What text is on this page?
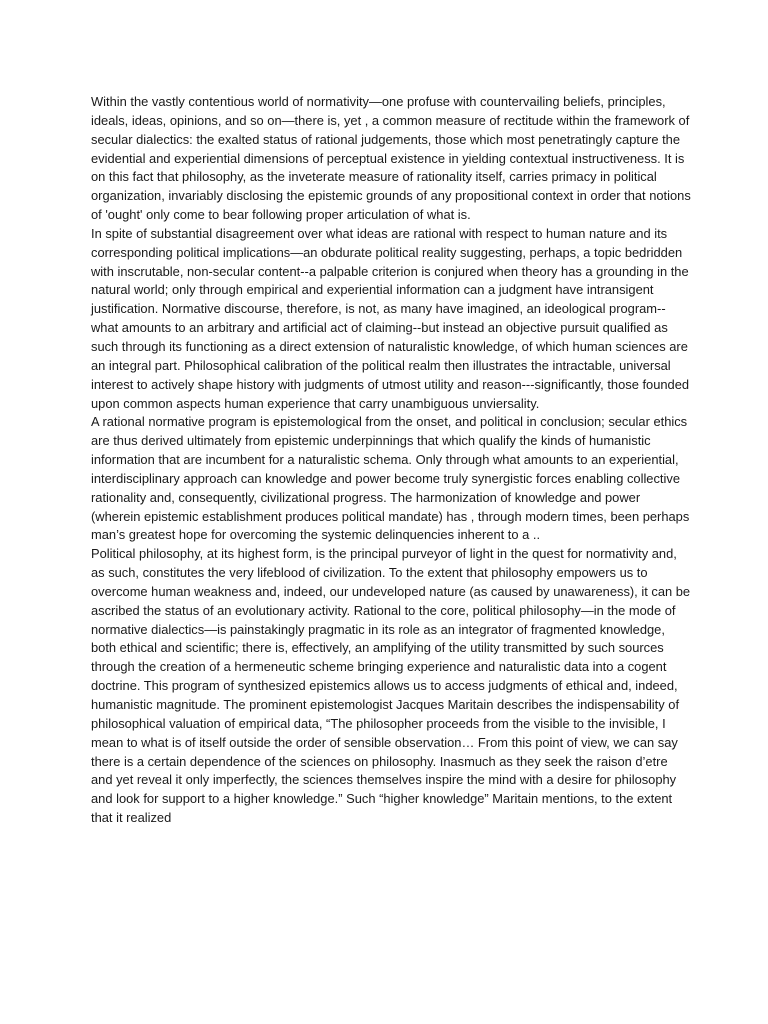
Within the vastly contentious world of normativity—one profuse with countervailing beliefs, principles, ideals, ideas, opinions, and so on—there is, yet , a common measure of rectitude within the framework of secular dialectics: the exalted status of rational judgements, those which most penetratingly capture the evidential and experiential dimensions of perceptual existence in yielding contextual instructiveness. It is on this fact that philosophy, as the inveterate measure of rationality itself, carries primacy in political organization, invariably disclosing the epistemic grounds of any propositional context in order that notions of 'ought' only come to bear following proper articulation of what is.

In spite of substantial disagreement over what ideas are rational with respect to human nature and its corresponding political implications—an obdurate political reality suggesting, perhaps, a topic bedridden with inscrutable, non-secular content--a palpable criterion is conjured when theory has a grounding in the natural world; only through empirical and experiential information can a judgment have intransigent justification. Normative discourse, therefore, is not, as many have imagined, an ideological program--what amounts to an arbitrary and artificial act of claiming--but instead an objective pursuit qualified as such through its functioning as a direct extension of naturalistic knowledge, of which human sciences are an integral part. Philosophical calibration of the political realm then illustrates the intractable, universal interest to actively shape history with judgments of utmost utility and reason---significantly, those founded upon common aspects human experience that carry unambiguous unviersality.

A rational normative program is epistemological from the onset, and political in conclusion; secular ethics are thus derived ultimately from epistemic underpinnings that which qualify the kinds of humanistic information that are incumbent for a naturalistic schema. Only through what amounts to an experiential, interdisciplinary approach can knowledge and power become truly synergistic forces enabling collective rationality and, consequently, civilizational progress. The harmonization of knowledge and power (wherein epistemic establishment produces political mandate) has , through modern times, been perhaps man’s greatest hope for overcoming the systemic delinquencies inherent to a ..

Political philosophy, at its highest form, is the principal purveyor of light in the quest for normativity and, as such, constitutes the very lifeblood of civilization. To the extent that philosophy empowers us to overcome human weakness and, indeed, our undeveloped nature (as caused by unawareness), it can be ascribed the status of an evolutionary activity. Rational to the core, political philosophy—in the mode of normative dialectics—is painstakingly pragmatic in its role as an integrator of fragmented knowledge, both ethical and scientific; there is, effectively, an amplifying of the utility transmitted by such sources through the creation of a hermeneutic scheme bringing experience and naturalistic data into a cogent doctrine. This program of synthesized epistemics allows us to access judgments of ethical and, indeed, humanistic magnitude. The prominent epistemologist Jacques Maritain describes the indispensability of philosophical valuation of empirical data, “The philosopher proceeds from the visible to the invisible, I mean to what is of itself outside the order of sensible observation… From this point of view, we can say there is a certain dependence of the sciences on philosophy. Inasmuch as they seek the raison d’etre and yet reveal it only imperfectly, the sciences themselves inspire the mind with a desire for philosophy and look for support to a higher knowledge.” Such “higher knowledge” Maritain mentions, to the extent that it realized
